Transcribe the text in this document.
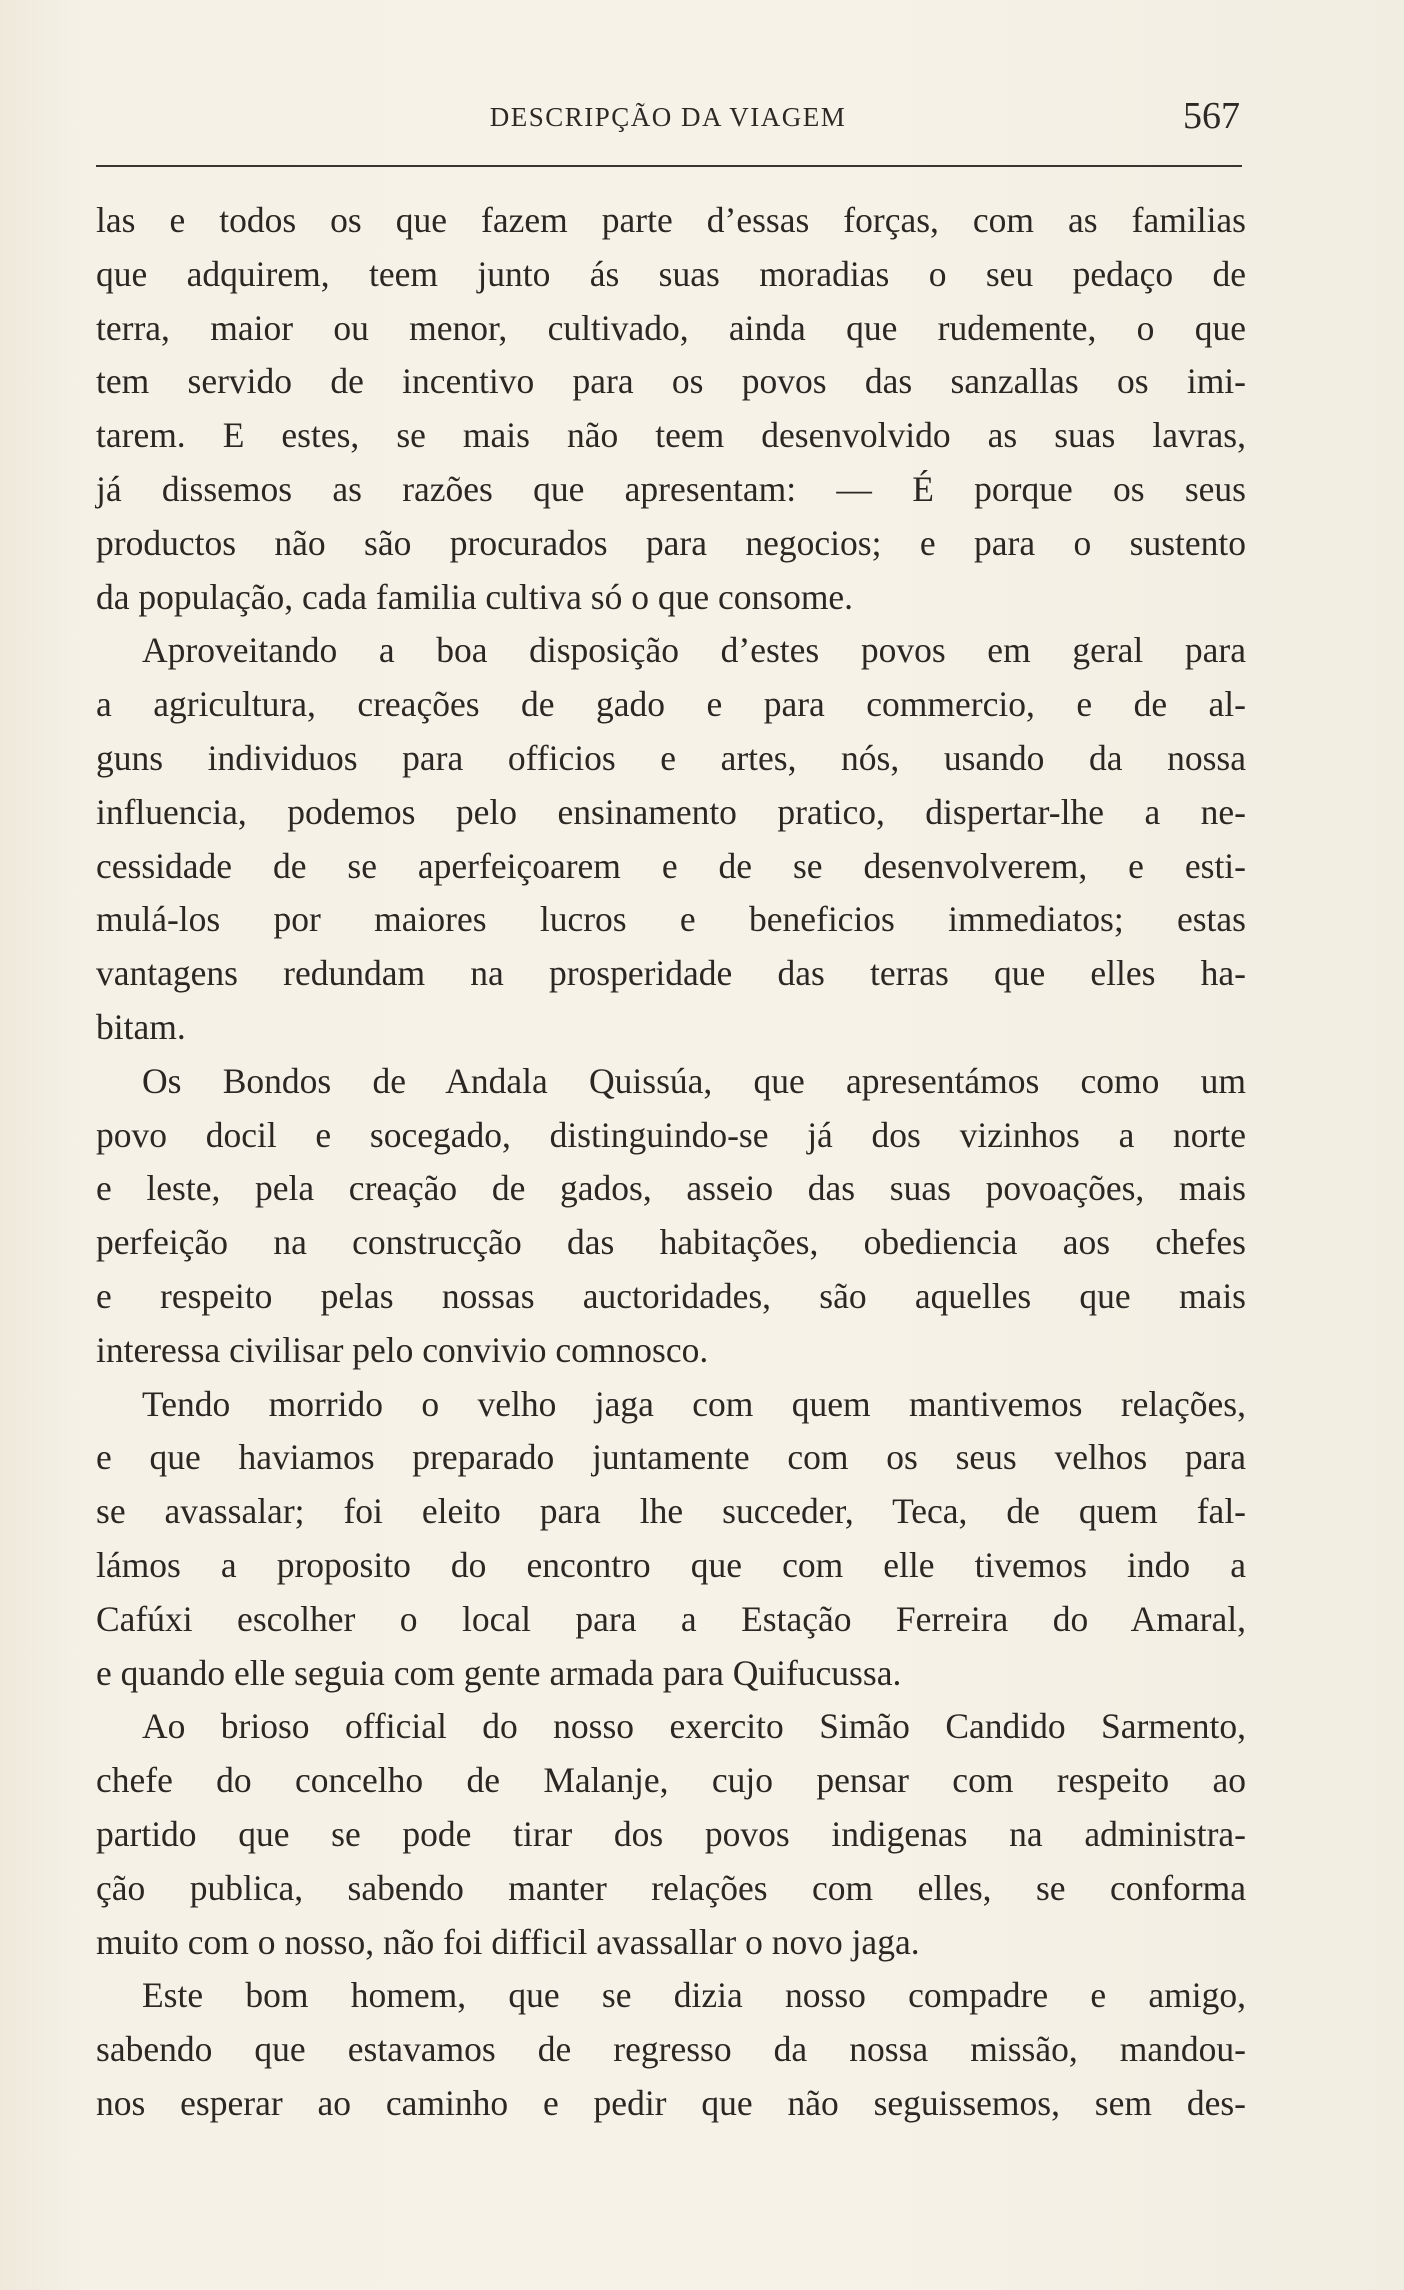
DESCRIPÇÃO DA VIAGEM	567
las e todos os que fazem parte d’essas forças, com as familias
que adquirem, teem junto ás suas moradias o seu pedaço de
terra, maior ou menor, cultivado, ainda que rudemente, o que
tem servido de incentivo para os povos das sanzallas os imi-
tarem. E estes, se mais não teem desenvolvido as suas lavras,
já dissemos as razões que apresentam: — É porque os seus
productos não são procurados para negocios; e para o sustento
da população, cada familia cultiva só o que consome.
Aproveitando a boa disposição d’estes povos em geral para
a agricultura, creações de gado e para commercio, e de al-
guns individuos para officios e artes, nós, usando da nossa
influencia, podemos pelo ensinamento pratico, dispertar-lhe a ne-
cessidade de se aperfeiçoarem e de se desenvolverem, e esti-
mulá-los por maiores lucros e beneficios immediatos; estas
vantagens redundam na prosperidade das terras que elles ha-
bitam.
Os Bondos de Andala Quissúa, que apresentámos como um
povo docil e socegado, distinguindo-se já dos vizinhos a norte
e leste, pela creação de gados, asseio das suas povoações, mais
perfeição na construcção das habitações, obediencia aos chefes
e respeito pelas nossas auctoridades, são aquelles que mais
interessa civilisar pelo convivio comnosco.
Tendo morrido o velho jaga com quem mantivemos relações,
e que haviamos preparado juntamente com os seus velhos para
se avassalar; foi eleito para lhe succeder, Teca, de quem fal-
lámos a proposito do encontro que com elle tivemos indo a
Cafúxi escolher o local para a Estação Ferreira do Amaral,
e quando elle seguia com gente armada para Quifucussa.
Ao brioso official do nosso exercito Simão Candido Sarmento,
chefe do concelho de Malanje, cujo pensar com respeito ao
partido que se pode tirar dos povos indigenas na administra-
ção publica, sabendo manter relações com elles, se conforma
muito com o nosso, não foi difficil avassallar o novo jaga.
Este bom homem, que se dizia nosso compadre e amigo,
sabendo que estavamos de regresso da nossa missão, mandou-
nos esperar ao caminho e pedir que não seguissemos, sem des-
